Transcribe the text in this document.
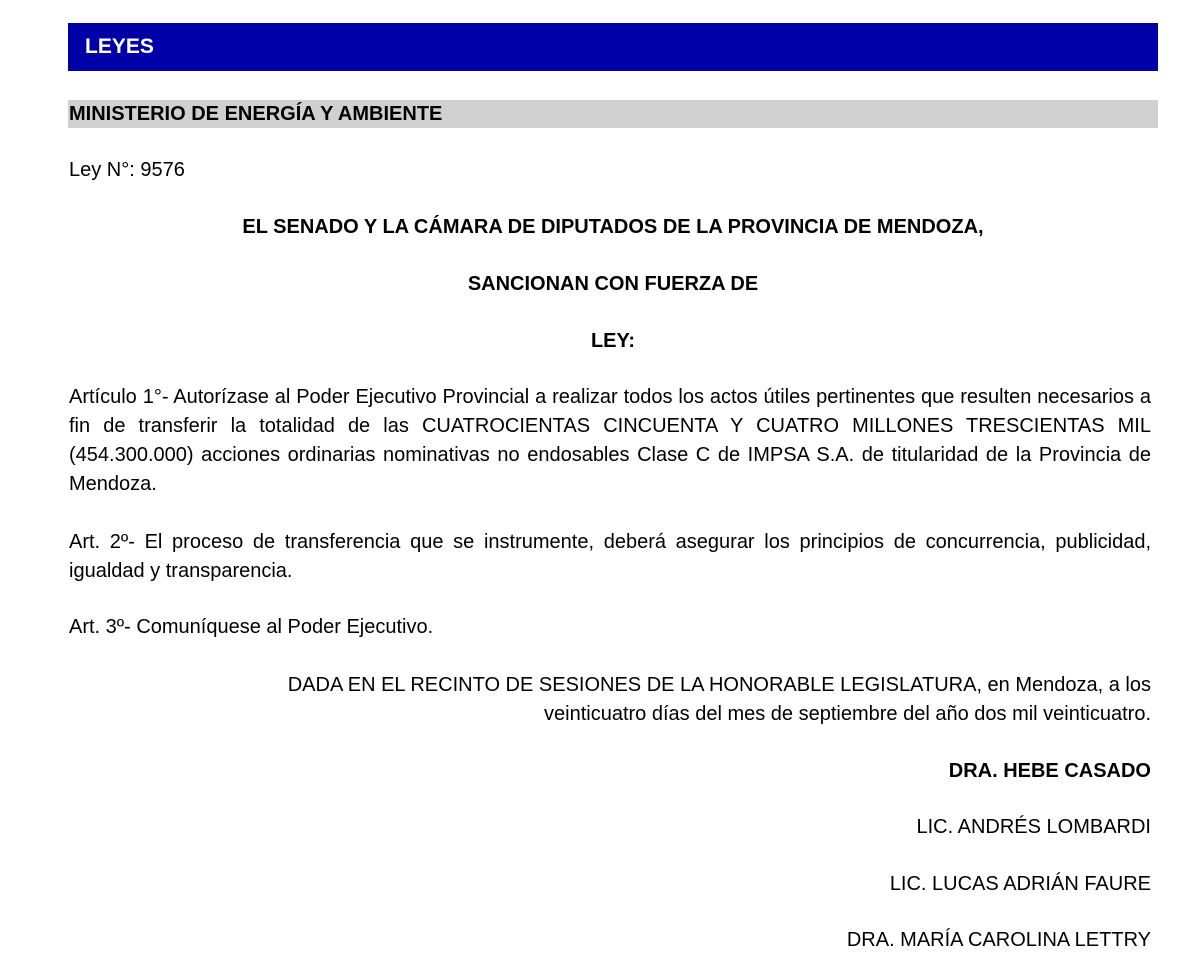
LEYES
MINISTERIO DE ENERGÍA Y AMBIENTE
Ley N°: 9576
EL SENADO Y LA CÁMARA DE DIPUTADOS DE LA PROVINCIA DE MENDOZA,
SANCIONAN CON FUERZA DE
LEY:
Artículo 1°- Autorízase al Poder Ejecutivo Provincial a realizar todos los actos útiles pertinentes que resulten necesarios a fin de transferir la totalidad de las CUATROCIENTAS CINCUENTA Y CUATRO MILLONES TRESCIENTAS MIL (454.300.000) acciones ordinarias nominativas no endosables Clase C de IMPSA S.A. de titularidad de la Provincia de Mendoza.
Art. 2º- El proceso de transferencia que se instrumente, deberá asegurar los principios de concurrencia, publicidad, igualdad y transparencia.
Art. 3º- Comuníquese al Poder Ejecutivo.
DADA EN EL RECINTO DE SESIONES DE LA HONORABLE LEGISLATURA, en Mendoza, a los
veinticuatro días del mes de septiembre del año dos mil veinticuatro.
DRA. HEBE CASADO
LIC. ANDRÉS LOMBARDI
LIC. LUCAS ADRIÁN FAURE
DRA. MARÍA CAROLINA LETTRY
